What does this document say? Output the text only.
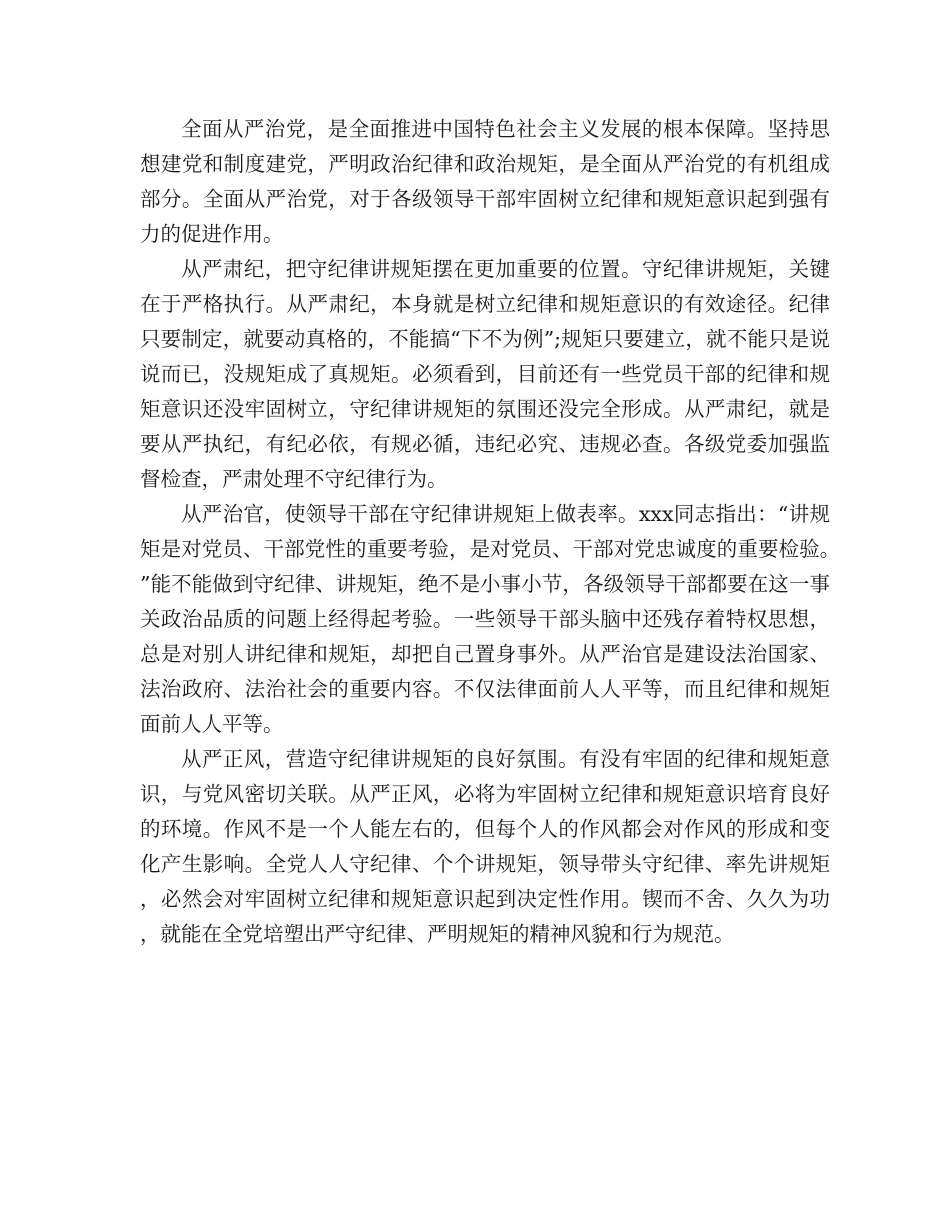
全面从严治党，是全面推进中国特色社会主义发展的根本保障。坚持思想建党和制度建党，严明政治纪律和政治规矩，是全面从严治党的有机组成部分。全面从严治党，对于各级领导干部牢固树立纪律和规矩意识起到强有力的促进作用。

从严肃纪，把守纪律讲规矩摆在更加重要的位置。守纪律讲规矩，关键在于严格执行。从严肃纪，本身就是树立纪律和规矩意识的有效途径。纪律只要制定，就要动真格的，不能搞“下不为例”;规矩只要建立，就不能只是说说而已，没规矩成了真规矩。必须看到，目前还有一些党员干部的纪律和规矩意识还没牢固树立，守纪律讲规矩的氛围还没完全形成。从严肃纪，就是要从严执纪，有纪必依，有规必循，违纪必究、违规必查。各级党委加强监督检查，严肃处理不守纪律行为。

从严治官，使领导干部在守纪律讲规矩上做表率。xxx同志指出：“讲规矩是对党员、干部党性的重要考验，是对党员、干部对党忠诚度的重要检验。”能不能做到守纪律、讲规矩，绝不是小事小节，各级领导干部都要在这一事关政治品质的问题上经得起考验。一些领导干部头脑中还残存着特权思想，总是对别人讲纪律和规矩，却把自己置身事外。从严治官是建设法治国家、法治政府、法治社会的重要内容。不仅法律面前人人平等，而且纪律和规矩面前人人平等。

从严正风，营造守纪律讲规矩的良好氛围。有没有牢固的纪律和规矩意识，与党风密切关联。从严正风，必将为牢固树立纪律和规矩意识培育良好的环境。作风不是一个人能左右的，但每个人的作风都会对作风的形成和变化产生影响。全党人人守纪律、个个讲规矩，领导带头守纪律、率先讲规矩，必然会对牢固树立纪律和规矩意识起到决定性作用。锲而不舍、久久为功，就能在全党培塑出严守纪律、严明规矩的精神风貌和行为规范。
